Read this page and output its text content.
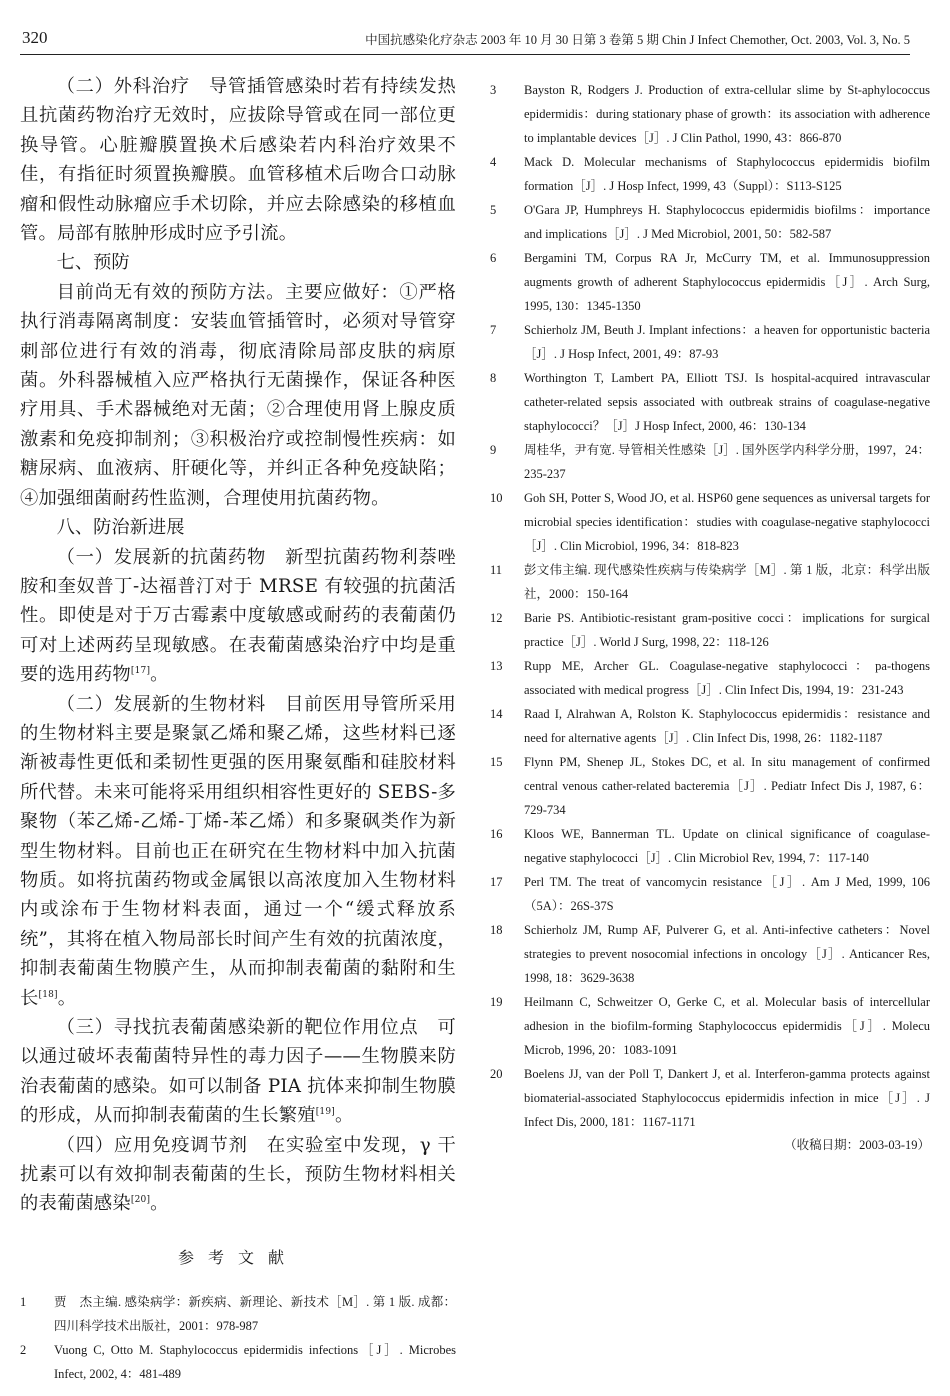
320	中国抗感染化疗杂志 2003 年 10 月 30 日第 3 卷第 5 期 Chin J Infect Chemother, Oct. 2003, Vol. 3, No. 5

（二）外科治疗　导管插管感染时若有持续发热且抗菌药物治疗无效时，应拔除导管或在同一部位更换导管。心脏瓣膜置换术后感染若内科治疗效果不佳，有指征时须置换瓣膜。血管移植术后吻合口动脉瘤和假性动脉瘤应手术切除，并应去除感染的移植血管。局部有脓肿形成时应予引流。

七、预防

目前尚无有效的预防方法。主要应做好：①严格执行消毒隔离制度：安装血管插管时，必须对导管穿刺部位进行有效的消毒，彻底清除局部皮肤的病原菌。外科器械植入应严格执行无菌操作，保证各种医疗用具、手术器械绝对无菌；②合理使用肾上腺皮质激素和免疫抑制剂；③积极治疗或控制慢性疾病：如糖尿病、血液病、肝硬化等，并纠正各种免疫缺陷；④加强细菌耐药性监测，合理使用抗菌药物。

八、防治新进展

（一）发展新的抗菌药物　新型抗菌药物利萘唑胺和奎奴普丁-达福普汀对于 MRSE 有较强的抗菌活性。即使是对于万古霉素中度敏感或耐药的表葡菌仍可对上述两药呈现敏感。在表葡菌感染治疗中均是重要的选用药物[17]。

（二）发展新的生物材料　目前医用导管所采用的生物材料主要是聚氯乙烯和聚乙烯，这些材料已逐渐被毒性更低和柔韧性更强的医用聚氨酯和硅胶材料所代替。未来可能将采用组织相容性更好的 SEBS-多聚物（苯乙烯-乙烯-丁烯-苯乙烯）和多聚砜类作为新型生物材料。目前也正在研究在生物材料中加入抗菌物质。如将抗菌药物或金属银以高浓度加入生物材料内或涂布于生物材料表面，通过一个“缓式释放系统”，其将在植入物局部长时间产生有效的抗菌浓度，抑制表葡菌生物膜产生，从而抑制表葡菌的黏附和生长[18]。

（三）寻找抗表葡菌感染新的靶位作用位点　可以通过破坏表葡菌特异性的毒力因子——生物膜来防治表葡菌的感染。如可以制备 PIA 抗体来抑制生物膜的形成，从而抑制表葡菌的生长繁殖[19]。

（四）应用免疫调节剂　在实验室中发现，γ 干扰素可以有效抑制表葡菌的生长，预防生物材料相关的表葡菌感染[20]。

参考文献
1	贾　杰主编. 感染病学：新疾病、新理论、新技术［M］. 第 1 版. 成都：四川科学技术出版社，2001：978-987
2	Vuong C, Otto M. Staphylococcus epidermidis infections［J］. Microbes Infect, 2002, 4：481-489
3	Bayston R, Rodgers J. Production of extra-cellular slime by St-aphylococcus epidermidis：during stationary phase of growth：its association with adherence to implantable devices［J］. J Clin Pathol, 1990, 43：866-870
4	Mack D. Molecular mechanisms of Staphylococcus epidermidis biofilm formation［J］. J Hosp Infect, 1999, 43（Suppl）：S113-S125
5	O'Gara JP, Humphreys H. Staphylococcus epidermidis biofilms：importance and implications［J］. J Med Microbiol, 2001, 50：582-587
6	Bergamini TM, Corpus RA Jr, McCurry TM, et al. Immunosuppression augments growth of adherent Staphylococcus epidermidis［J］. Arch Surg, 1995, 130：1345-1350
7	Schierholz JM, Beuth J. Implant infections：a heaven for opportunistic bacteria［J］. J Hosp Infect, 2001, 49：87-93
8	Worthington T, Lambert PA, Elliott TSJ. Is hospital-acquired intravascular catheter-related sepsis associated with outbreak strains of coagulase-negative staphylococci？［J］J Hosp Infect, 2000, 46：130-134
9	周桂华，尹有宽. 导管相关性感染［J］. 国外医学内科学分册，1997，24：235-237
10	Goh SH, Potter S, Wood JO, et al. HSP60 gene sequences as universal targets for microbial species identification：studies with coagulase-negative staphylococci［J］. Clin Microbiol, 1996, 34：818-823
11	彭文伟主编. 现代感染性疾病与传染病学［M］. 第 1 版，北京：科学出版社，2000：150-164
12	Barie PS. Antibiotic-resistant gram-positive cocci：implications for surgical practice［J］. World J Surg, 1998, 22：118-126
13	Rupp ME, Archer GL. Coagulase-negative staphylococci：pa-thogens associated with medical progress［J］. Clin Infect Dis, 1994, 19：231-243
14	Raad I, Alrahwan A, Rolston K. Staphylococcus epidermidis：resistance and need for alternative agents［J］. Clin Infect Dis, 1998, 26：1182-1187
15	Flynn PM, Shenep JL, Stokes DC, et al. In situ management of confirmed central venous cather-related bacteremia［J］. Pediatr Infect Dis J, 1987, 6：729-734
16	Kloos WE, Bannerman TL. Update on clinical significance of coagulase-negative staphylococci［J］. Clin Microbiol Rev, 1994, 7：117-140
17	Perl TM. The treat of vancomycin resistance［J］. Am J Med, 1999, 106（5A）：26S-37S
18	Schierholz JM, Rump AF, Pulverer G, et al. Anti-infective catheters：Novel strategies to prevent nosocomial infections in oncology［J］. Anticancer Res, 1998, 18：3629-3638
19	Heilmann C, Schweitzer O, Gerke C, et al. Molecular basis of intercellular adhesion in the biofilm-forming Staphylococcus epidermidis［J］. Molecu Microb, 1996, 20：1083-1091
20	Boelens JJ, van der Poll T, Dankert J, et al. Interferon-gamma protects against biomaterial-associated Staphylococcus epidermidis infection in mice［J］. J Infect Dis, 2000, 181：1167-1171
（收稿日期：2003-03-19）
